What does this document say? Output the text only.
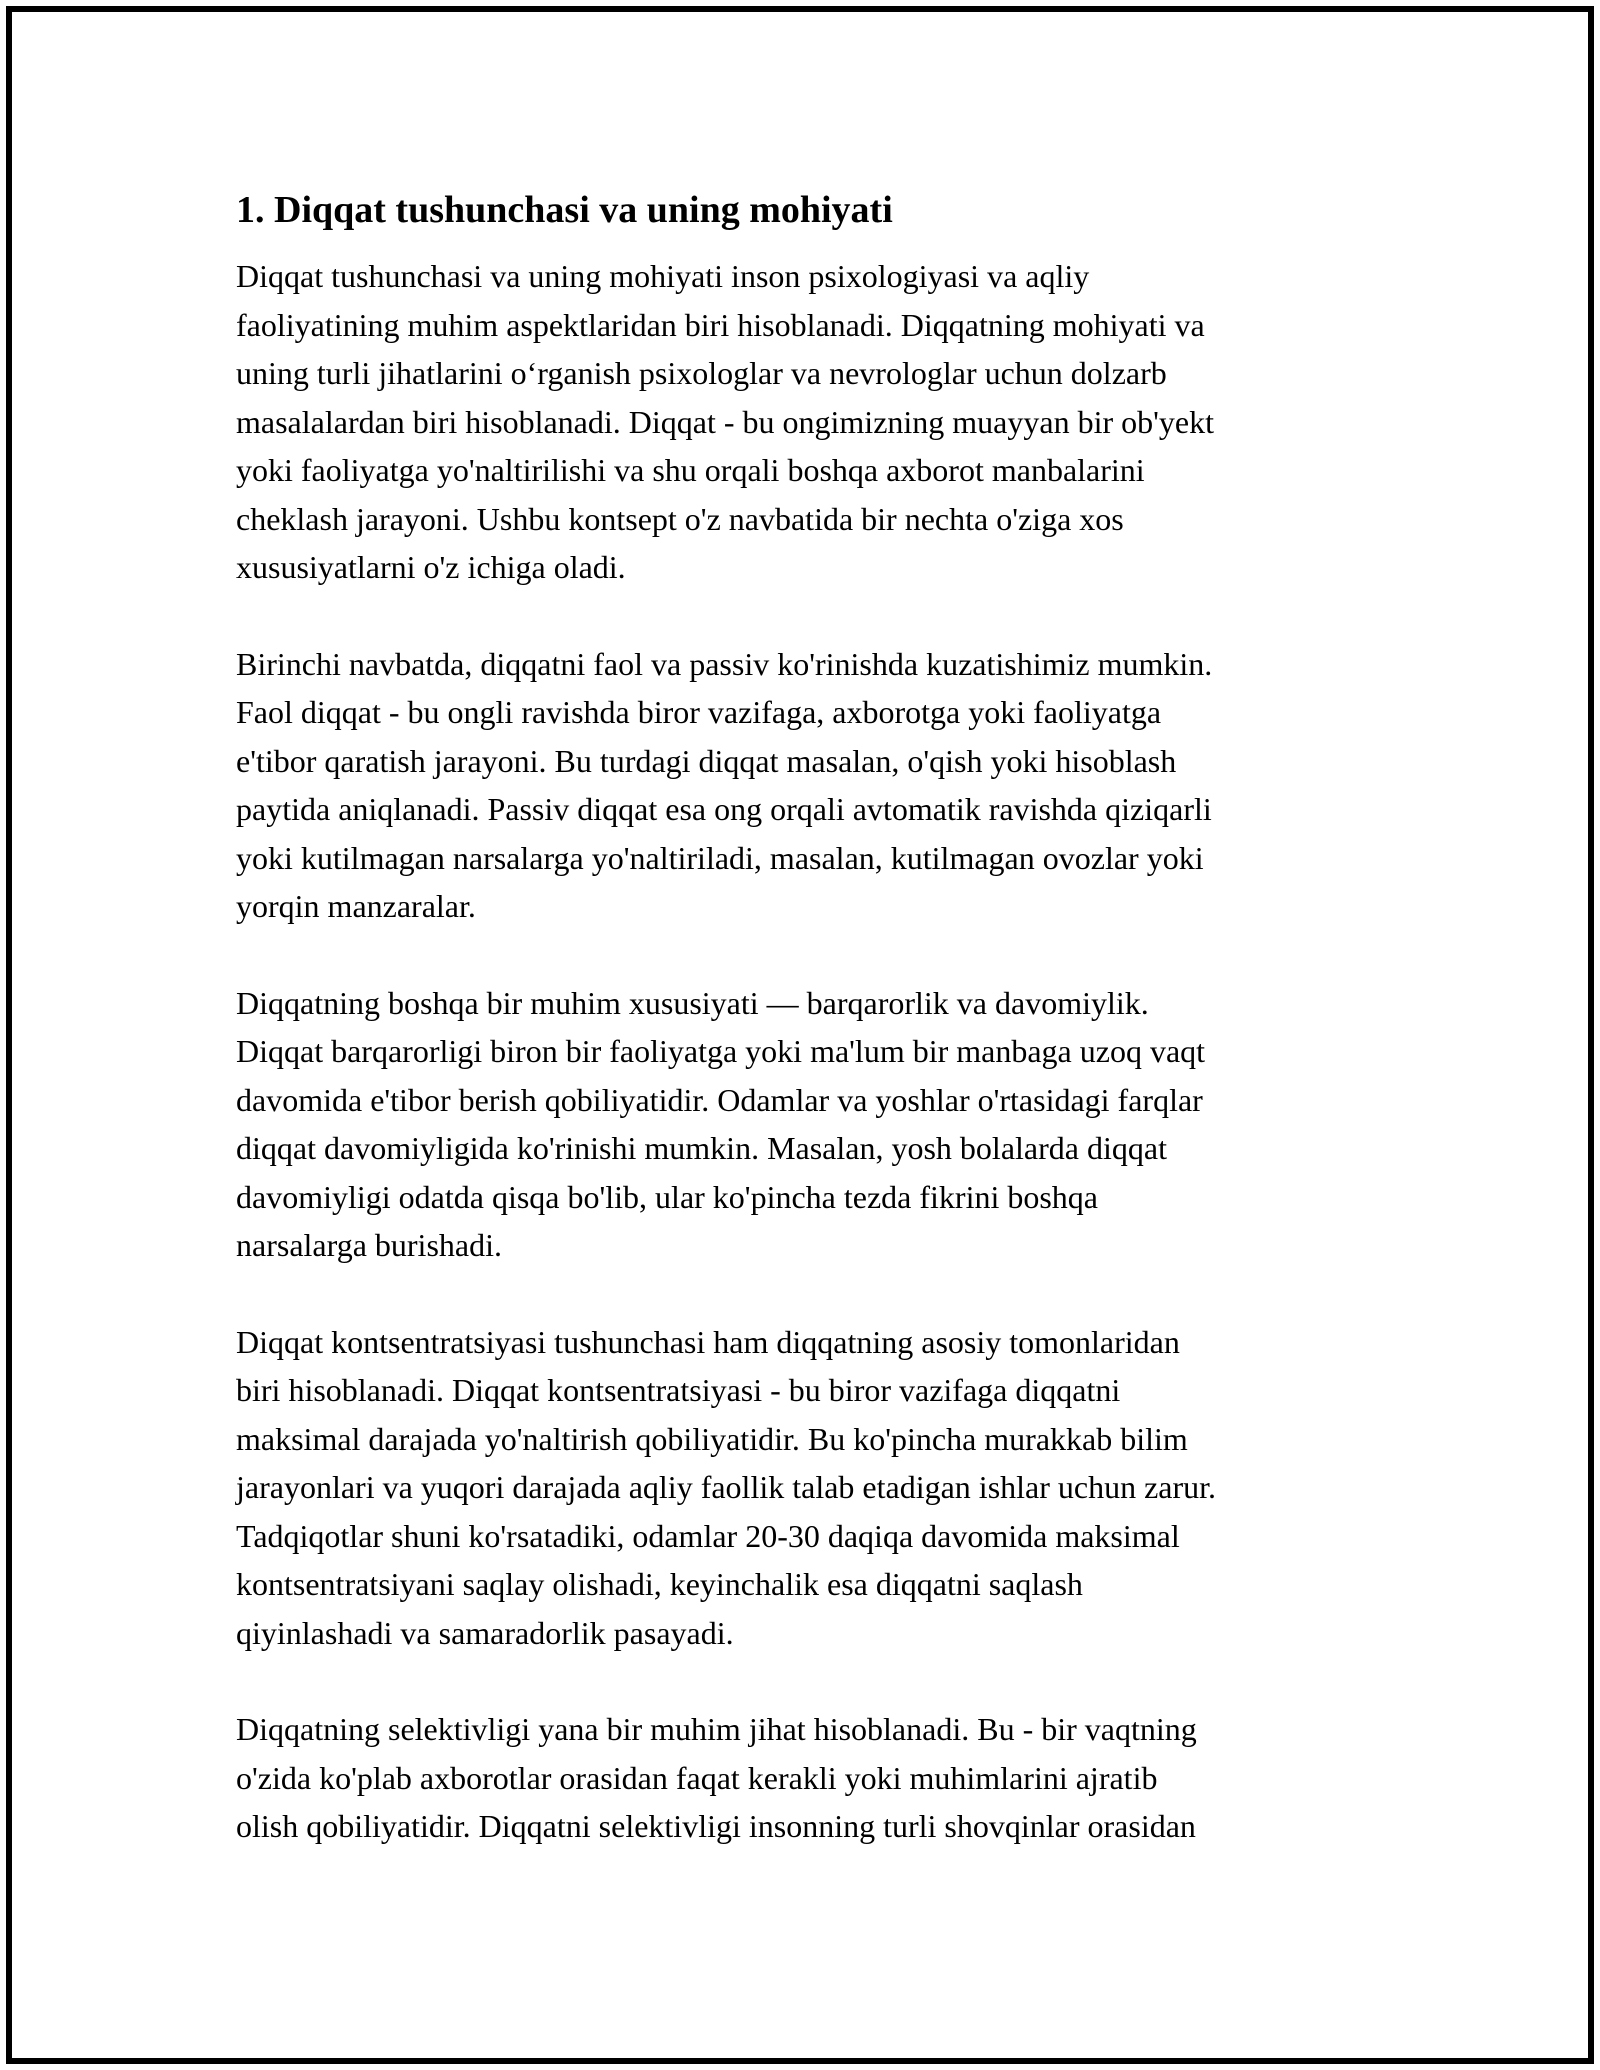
1. Diqqat tushunchasi va uning mohiyati

Diqqat tushunchasi va uning mohiyati inson psixologiyasi va aqliy
faoliyatining muhim aspektlaridan biri hisoblanadi. Diqqatning mohiyati va
uning turli jihatlarini o‘rganish psixologlar va nevrologlar uchun dolzarb
masalalardan biri hisoblanadi. Diqqat - bu ongimizning muayyan bir ob'yekt
yoki faoliyatga yo'naltirilishi va shu orqali boshqa axborot manbalarini
cheklash jarayoni. Ushbu kontsept o'z navbatida bir nechta o'ziga xos
xususiyatlarni o'z ichiga oladi.

Birinchi navbatda, diqqatni faol va passiv ko'rinishda kuzatishimiz mumkin.
Faol diqqat - bu ongli ravishda biror vazifaga, axborotga yoki faoliyatga
e'tibor qaratish jarayoni. Bu turdagi diqqat masalan, o'qish yoki hisoblash
paytida aniqlanadi. Passiv diqqat esa ong orqali avtomatik ravishda qiziqarli
yoki kutilmagan narsalarga yo'naltiriladi, masalan, kutilmagan ovozlar yoki
yorqin manzaralar.

Diqqatning boshqa bir muhim xususiyati — barqarorlik va davomiylik.
Diqqat barqarorligi biron bir faoliyatga yoki ma'lum bir manbaga uzoq vaqt
davomida e'tibor berish qobiliyatidir. Odamlar va yoshlar o'rtasidagi farqlar
diqqat davomiyligida ko'rinishi mumkin. Masalan, yosh bolalarda diqqat
davomiyligi odatda qisqa bo'lib, ular ko'pincha tezda fikrini boshqa
narsalarga burishadi.

Diqqat kontsentratsiyasi tushunchasi ham diqqatning asosiy tomonlaridan
biri hisoblanadi. Diqqat kontsentratsiyasi - bu biror vazifaga diqqatni
maksimal darajada yo'naltirish qobiliyatidir. Bu ko'pincha murakkab bilim
jarayonlari va yuqori darajada aqliy faollik talab etadigan ishlar uchun zarur.
Tadqiqotlar shuni ko'rsatadiki, odamlar 20-30 daqiqa davomida maksimal
kontsentratsiyani saqlay olishadi, keyinchalik esa diqqatni saqlash
qiyinlashadi va samaradorlik pasayadi.

Diqqatning selektivligi yana bir muhim jihat hisoblanadi. Bu - bir vaqtning
o'zida ko'plab axborotlar orasidan faqat kerakli yoki muhimlarini ajratib
olish qobiliyatidir. Diqqatni selektivligi insonning turli shovqinlar orasidan
